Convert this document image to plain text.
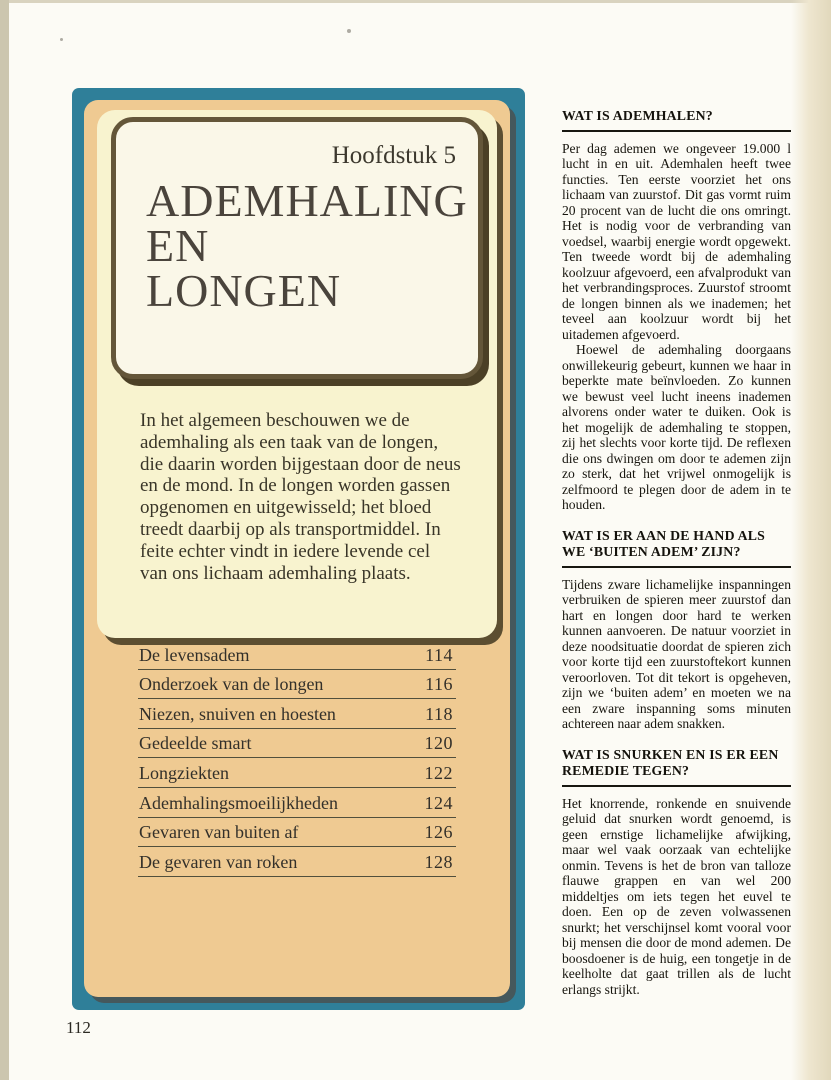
Hoofdstuk 5
ADEMHALING
EN
LONGEN

In het algemeen beschouwen we de ademhaling als een taak van de longen, die daarin worden bijgestaan door de neus en de mond. In de longen worden gassen opgenomen en uitgewisseld; het bloed treedt daarbij op als transportmiddel. In feite echter vindt in iedere levende cel van ons lichaam ademhaling plaats.

De levensadem	114
Onderzoek van de longen	116
Niezen, snuiven en hoesten	118
Gedeelde smart	120
Longziekten	122
Ademhalingsmoeilijkheden	124
Gevaren van buiten af	126
De gevaren van roken	128
WAT IS ADEMHALEN?

Per dag ademen we ongeveer 19.000 l lucht in en uit. Ademhalen heeft twee functies. Ten eerste voorziet het ons lichaam van zuurstof. Dit gas vormt ruim 20 procent van de lucht die ons omringt. Het is nodig voor de verbranding van voedsel, waarbij energie wordt opgewekt. Ten tweede wordt bij de ademhaling koolzuur afgevoerd, een afvalprodukt van het verbrandingsproces. Zuurstof stroomt de longen binnen als we inademen; het teveel aan koolzuur wordt bij het uitademen afgevoerd.

Hoewel de ademhaling doorgaans onwillekeurig gebeurt, kunnen we haar in beperkte mate beïnvloeden. Zo kunnen we bewust veel lucht ineens inademen alvorens onder water te duiken. Ook is het mogelijk de ademhaling te stoppen, zij het slechts voor korte tijd. De reflexen die ons dwingen om door te ademen zijn zo sterk, dat het vrijwel onmogelijk is zelfmoord te plegen door de adem in te houden.

WAT IS ER AAN DE HAND ALS WE ‘BUITEN ADEM’ ZIJN?

Tijdens zware lichamelijke inspanningen verbruiken de spieren meer zuurstof dan hart en longen door hard te werken kunnen aanvoeren. De natuur voorziet in deze noodsituatie doordat de spieren zich voor korte tijd een zuurstoftekort kunnen veroorloven. Tot dit tekort is opgeheven, zijn we ‘buiten adem’ en moeten we na een zware inspanning soms minuten achtereen naar adem snakken.

WAT IS SNURKEN EN IS ER EEN REMEDIE TEGEN?

Het knorrende, ronkende en snuivende geluid dat snurken wordt genoemd, is geen ernstige lichamelijke afwijking, maar wel vaak oorzaak van echtelijke onmin. Tevens is het de bron van talloze flauwe grappen en van wel 200 middeltjes om iets tegen het euvel te doen. Een op de zeven volwassenen snurkt; het verschijnsel komt vooral voor bij mensen die door de mond ademen. De boosdoener is de huig, een tongetje in de keelholte dat gaat trillen als de lucht erlangs strijkt.

112
